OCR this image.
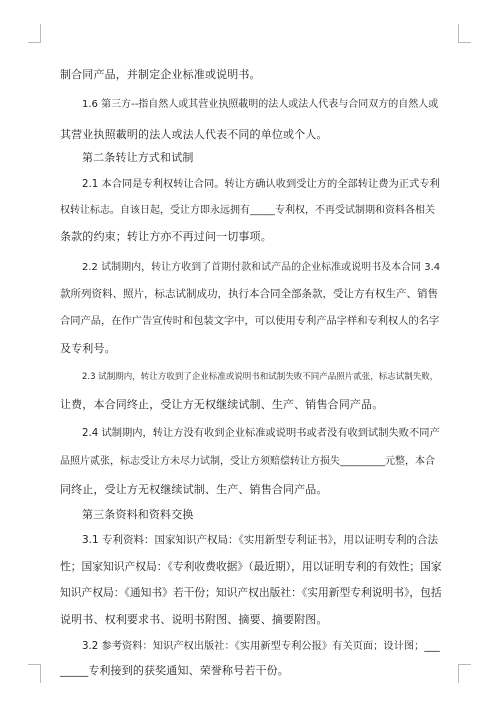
制合同产品，并制定企业标准或说明书。
1.6 第三方--指自然人或其营业执照載明的法人或法人代表与合同双方的自然人或
其营业执照載明的法人或法人代表不同的单位或个人。
第二条转让方式和试制
2.1 本合同是专利权转让合同。转让方确认收到受让方的全部转让费为正式专利
权转让标志。自该日起，受让方即永远拥有_____专利权，不再受试制期和资料各相关
条款的约束；转让方亦不再过问一切事项。
2.2 试制期内，转让方收到了首期付款和试产品的企业标准或说明书及本合同 3.4
款所列资料、照片，标志试制成功，执行本合同全部条款，受让方有权生产、销售
合同产品，在作广告宣传时和包装文字中，可以使用专利产品字样和专利权人的名字
及专利号。
2.3 试制期内，转让方收到了企业标准或说明书和试制失败不同产品照片贰张，标志试制失败，
让费，本合同终止，受让方无权继续试制、生产、销售合同产品。
2.4 试制期内，转让方没有收到企业标准或说明书或者没有收到试制失败不同产
品照片贰张，标志受让方未尽力试制，受让方须赔偿转让方损失_________元整，本合
同终止，受让方无权继续试制、生产、销售合同产品。
第三条资料和资料交换
3.1 专利资料：国家知识产权局：《实用新型专利证书》，用以证明专利的合法
性；国家知识产权局：《专利收费收据》（最近期），用以证明专利的有效性；国家
知识产权局：《通知书》若干份；知识产权出版社：《实用新型专利说明书》，包括
说明书、权利要求书、说明书附图、摘要、摘要附图。
3.2 参考资料：知识产权出版社：《实用新型专利公报》有关页面；设计图；___
_____专利接到的获奖通知、荣誉称号若干份。
